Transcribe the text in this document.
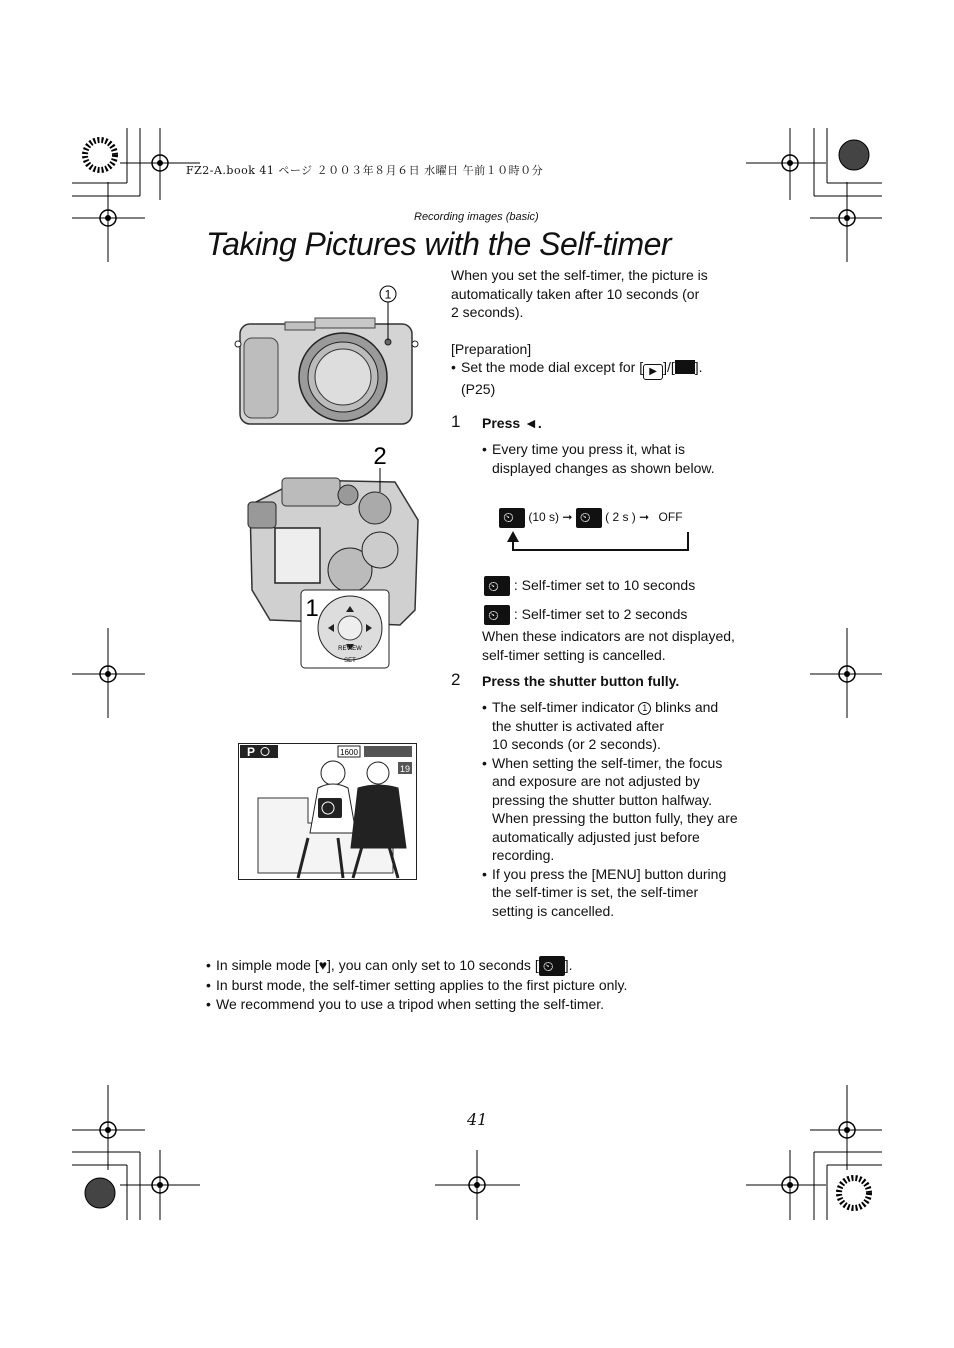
FZ2-A.book 41 ページ ２００３年８月６日 水曜日 午前１０時０分
Recording images (basic)
Taking Pictures with the Self-timer
1
2
REVIEW
SET
1
P	1600
19
When you set the self-timer, the picture is
automatically taken after 10 seconds (or
2 seconds).
[Preparation]
• Set the mode dial except for [ ▶ ]/[ ].
(P25)
1 Press ◄.
• Every time you press it, what is
displayed changes as shown below.
⏲ (10 s) ➞ ⏲ ( 2 s ) ➞ OFF
⏲ : Self-timer set to 10 seconds
⏲ : Self-timer set to 2 seconds
When these indicators are not displayed,
self-timer setting is cancelled.
2 Press the shutter button fully.
• The self-timer indicator 1 blinks and
the shutter is activated after
10 seconds (or 2 seconds).
• When setting the self-timer, the focus
and exposure are not adjusted by
pressing the shutter button halfway.
When pressing the button fully, they are
automatically adjusted just before
recording.
• If you press the [MENU] button during
the self-timer is set, the self-timer
setting is cancelled.
• In simple mode [♥], you can only set to 10 seconds [ ⏲ ].
• In burst mode, the self-timer setting applies to the first picture only.
• We recommend you to use a tripod when setting the self-timer.
41
